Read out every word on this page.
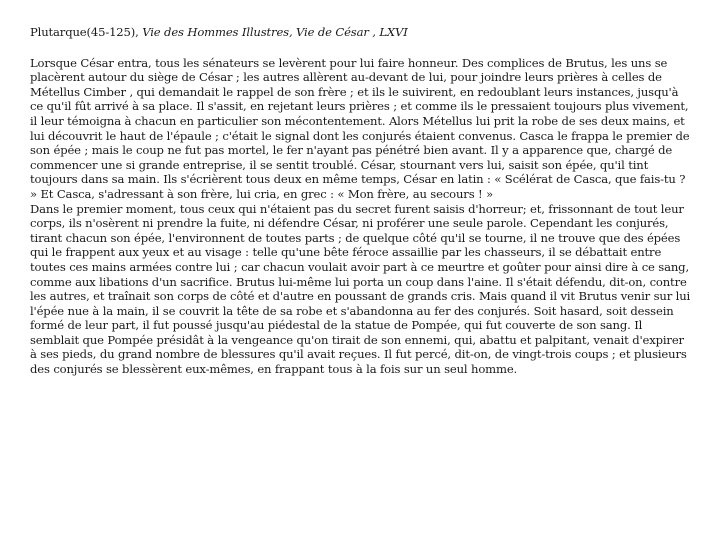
Plutarque(45-125), Vie des Hommes Illustres, Vie de César , LXVI

Lorsque César entra, tous les sénateurs se levèrent pour lui faire honneur. Des complices de Brutus, les uns se placèrent autour du siège de César ; les autres allèrent au-devant de lui, pour joindre leurs prières à celles de Métellus Cimber , qui demandait le rappel de son frère ; et ils le suivirent, en redoublant leurs instances, jusqu'à ce qu'il fût arrivé à sa place. Il s'assit, en rejetant leurs prières ; et comme ils le pressaient toujours plus vivement, il leur témoigna à chacun en particulier son mécontentement. Alors Métellus lui prit la robe de ses deux mains, et lui découvrit le haut de l'épaule ; c'était le signal dont les conjurés étaient convenus. Casca le frappa le premier de son épée ; mais le coup ne fut pas mortel, le fer n'ayant pas pénétré bien avant. Il y a apparence que, chargé de commencer une si grande entreprise, il se sentit troublé. César, stournant vers lui, saisit son épée, qu'il tint toujours dans sa main. Ils s'écrièrent tous deux en même temps, César en latin : « Scélérat de Casca, que fais-tu ? » Et Casca, s'adressant à son frère, lui cria, en grec : « Mon frère, au secours ! »

Dans le premier moment, tous ceux qui n'étaient pas du secret furent saisis d'horreur; et, frissonnant de tout leur corps, ils n'osèrent ni prendre la fuite, ni défendre César, ni proférer une seule parole. Cependant les conjurés, tirant chacun son épée, l'environnent de toutes parts ; de quelque côté qu'il se tourne, il ne trouve que des épées qui le frappent aux yeux et au visage : telle qu'une bête féroce assaillie par les chasseurs, il se débattait entre toutes ces mains armées contre lui ; car chacun voulait avoir part à ce meurtre et goûter pour ainsi dire à ce sang, comme aux libations d'un sacrifice. Brutus lui-même lui porta un coup dans l'aine. Il s'était défendu, dit-on, contre les autres, et traînait son corps de côté et d'autre en poussant de grands cris. Mais quand il vit Brutus venir sur lui l'épée nue à la main, il se couvrit la tête de sa robe et s'abandonna au fer des conjurés. Soit hasard, soit dessein formé de leur part, il fut poussé jusqu'au piédestal de la statue de Pompée, qui fut couverte de son sang. Il semblait que Pompée présidât à la vengeance qu'on tirait de son ennemi, qui, abattu et palpitant, venait d'expirer à ses pieds, du grand nombre de blessures qu'il avait reçues. Il fut percé, dit-on, de vingt-trois coups ; et plusieurs des conjurés se blessèrent eux-mêmes, en frappant tous à la fois sur un seul homme.
